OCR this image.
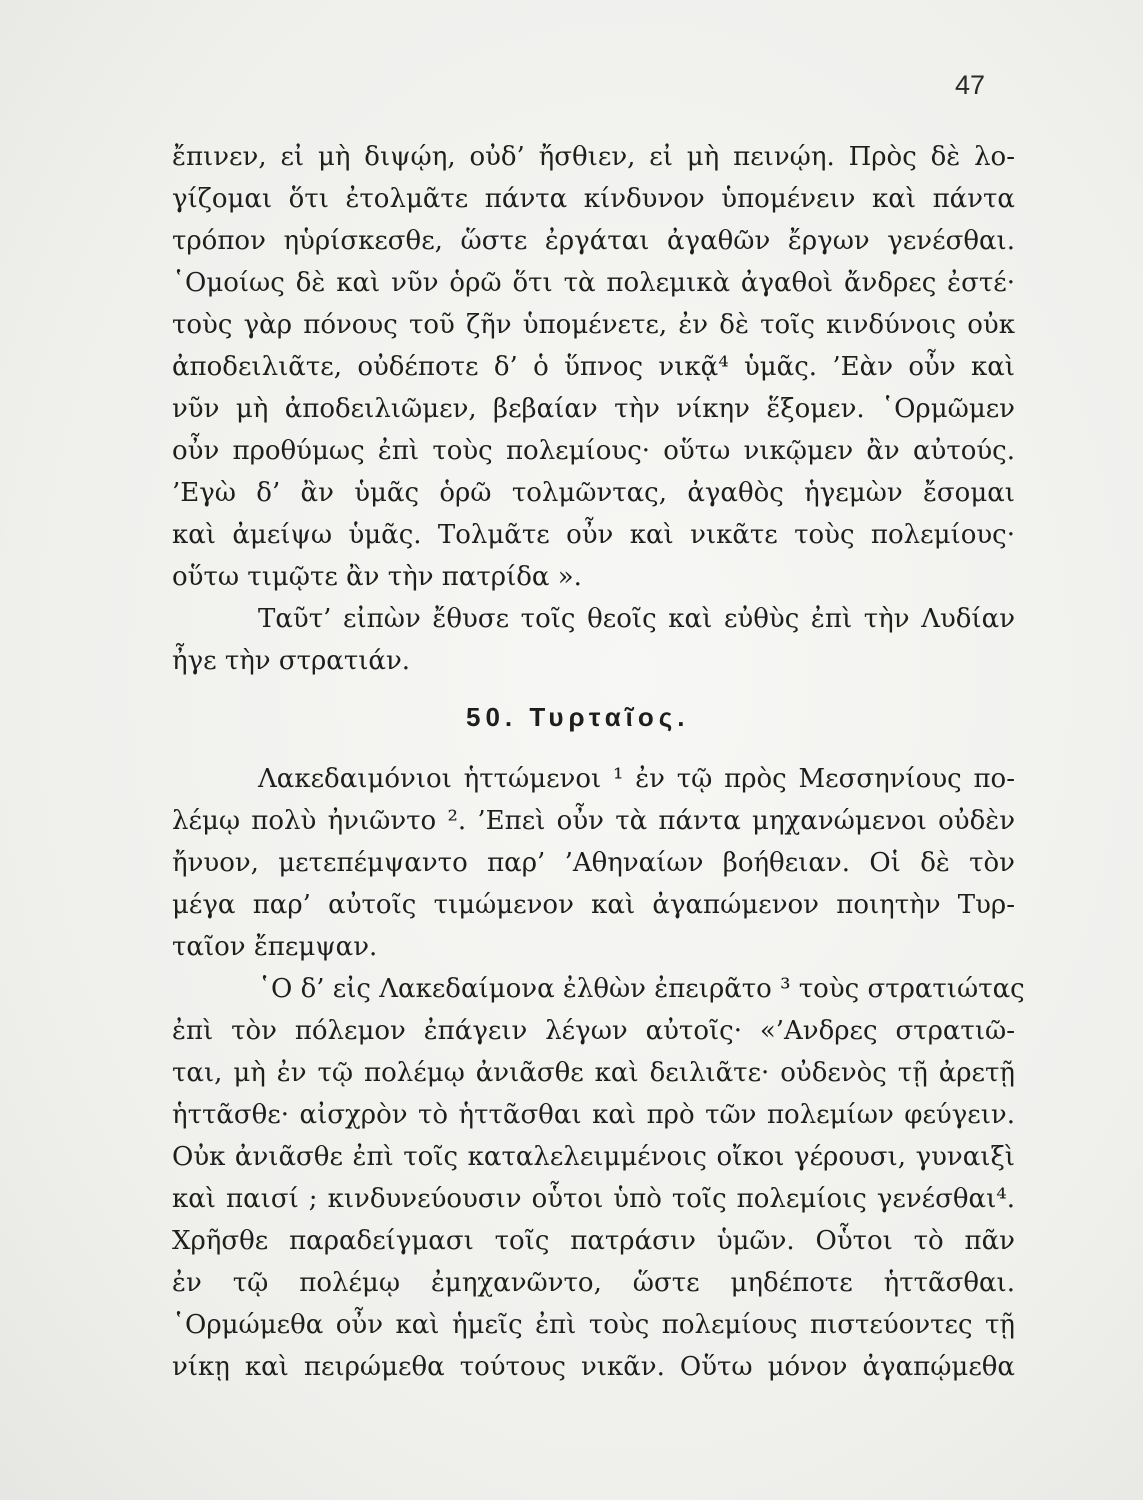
47
50. Τυρταῖος.
ἔπινεν, εἰ μὴ διψῴη, οὐδ’ ἤσθιεν, εἰ μὴ πεινῴη. Πρὸς δὲ λο-
γίζομαι ὅτι ἐτολμᾶτε πάντα κίνδυνον ὑπομένειν καὶ πάντα
τρόπον ηὑρίσκεσθε, ὥστε ἐργάται ἀγαθῶν ἔργων γενέσθαι.
῾Ομοίως δὲ καὶ νῦν ὁρῶ ὅτι τὰ πολεμικὰ ἀγαθοὶ ἄνδρες ἐστέ·
τοὺς γὰρ πόνους τοῦ ζῆν ὑπομένετε, ἐν δὲ τοῖς κινδύνοις οὐκ
ἀποδειλιᾶτε, οὐδέποτε δ’ ὁ ὕπνος νικᾷ⁴ ὑμᾶς. ’Εὰν οὖν καὶ
νῦν μὴ ἀποδειλιῶμεν, βεβαίαν τὴν νίκην ἕξομεν. ῾Ορμῶμεν
οὖν προθύμως ἐπὶ τοὺς πολεμίους· οὕτω νικῷμεν ἂν αὐτούς.
’Εγὼ δ’ ἂν ὑμᾶς ὁρῶ τολμῶντας, ἀγαθὸς ἡγεμὼν ἔσομαι
καὶ ἀμείψω ὑμᾶς. Τολμᾶτε οὖν καὶ νικᾶτε τοὺς πολεμίους·
οὕτω τιμῷτε ἂν τὴν πατρίδα ».
Ταῦτ’ εἰπὼν ἔθυσε τοῖς θεοῖς καὶ εὐθὺς ἐπὶ τὴν Λυδίαν
ἦγε τὴν στρατιάν.
Λακεδαιμόνιοι ἡττώμενοι ¹ ἐν τῷ πρὸς Μεσσηνίους πο-
λέμῳ πολὺ ἠνιῶντο ². ’Επεὶ οὖν τὰ πάντα μηχανώμενοι οὐδὲν
ἤνυον, μετεπέμψαντο παρ’ ’Αθηναίων βοήθειαν. Οἱ δὲ τὸν
μέγα παρ’ αὐτοῖς τιμώμενον καὶ ἀγαπώμενον ποιητὴν Τυρ-
ταῖον ἔπεμψαν.
῾Ο δ’ εἰς Λακεδαίμονα ἐλθὼν ἐπειρᾶτο ³ τοὺς στρατιώτας
ἐπὶ τὸν πόλεμον ἐπάγειν λέγων αὐτοῖς· «’Ανδρες στρατιῶ-
ται, μὴ ἐν τῷ πολέμῳ ἀνιᾶσθε καὶ δειλιᾶτε· οὐδενὸς τῇ ἀρετῇ
ἡττᾶσθε· αἰσχρὸν τὸ ἡττᾶσθαι καὶ πρὸ τῶν πολεμίων φεύγειν.
Οὐκ ἀνιᾶσθε ἐπὶ τοῖς καταλελειμμένοις οἴκοι γέρουσι, γυναιξὶ
καὶ παισί ; κινδυνεύουσιν οὗτοι ὑπὸ τοῖς πολεμίοις γενέσθαι⁴.
Χρῆσθε παραδείγμασι τοῖς πατράσιν ὑμῶν. Οὗτοι τὸ πᾶν
ἐν τῷ πολέμῳ ἐμηχανῶντο, ὥστε μηδέποτε ἡττᾶσθαι.
῾Ορμώμεθα οὖν καὶ ἡμεῖς ἐπὶ τοὺς πολεμίους πιστεύοντες τῇ
νίκῃ καὶ πειρώμεθα τούτους νικᾶν. Οὕτω μόνον ἀγαπῴμεθα
